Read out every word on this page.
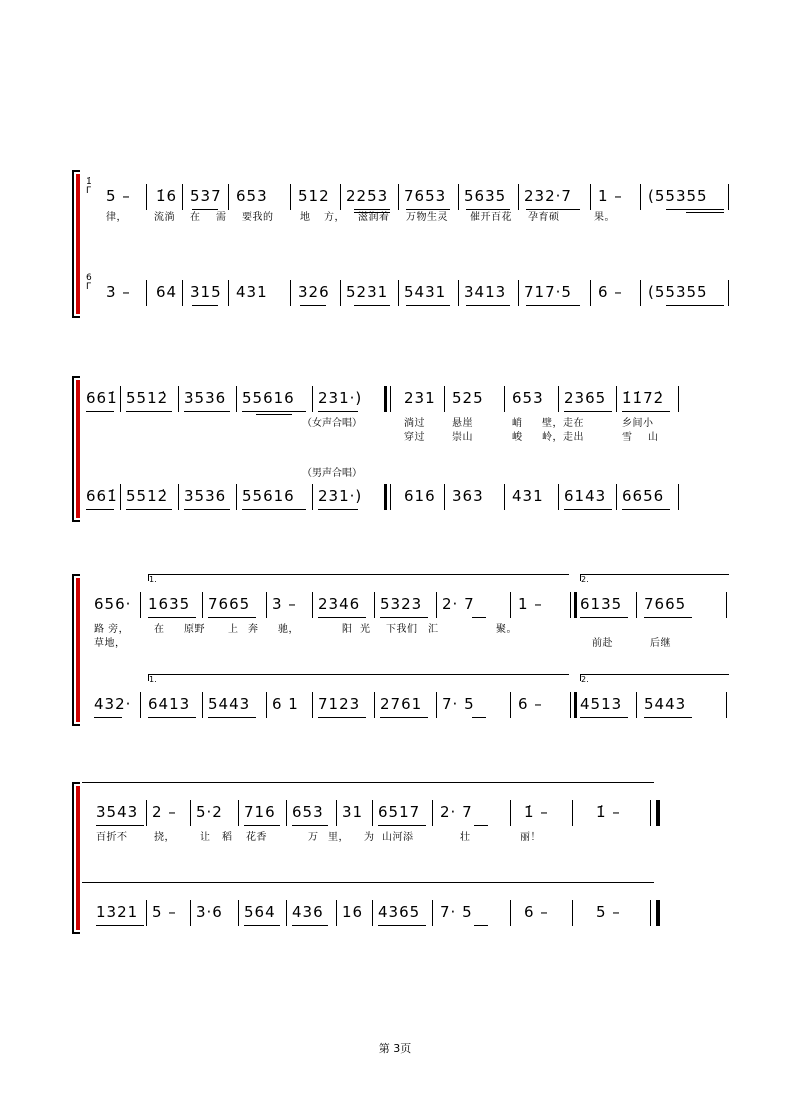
1̇
ᒥ 5 – 1̇6 537 653 512 2253 7653 5635 232·7 1 – (55355
律，	流淌 在 需 要我的	地 方， 滋润着 万物生灵 催开百花 孕育硕	果。
6
ᒥ 3 – 64 315 431 326 5231 5431 3413 717·5 6 – (55355
661̇ 5512̇ 3536 55616 231·)	231 525 653 2365 1̇1̇72̇
（女声合唱）	淌过	悬崖	峭 壁，走在	乡间小
穿过	崇山	峻 岭，走出	雪 山
（男声合唱）
661̇ 5512̇ 3536 55616 231·)	616 363 431 6143 6656
1.	2.
656· 1635 7665 3 – 2346 5323 2· 7	1 – 6135 7665
路 旁， 在 原野 上 奔 驰，	阳 光 下我们 汇	聚。
草地，	前赴	后继
1.	2.
432· 6413 5443 6 1 7123 2761 7· 5	6 – 4513 5443
3543 2 – 5·2 716 653 31 6517 2· 7	1̇ –	1̇ –
百折不	挠，	让 稻 花香	万 里， 为 山河添	壮	丽！
1321 5 – 3·6 564 436 16 4365 7· 5	6 –	5 –
第 3页
